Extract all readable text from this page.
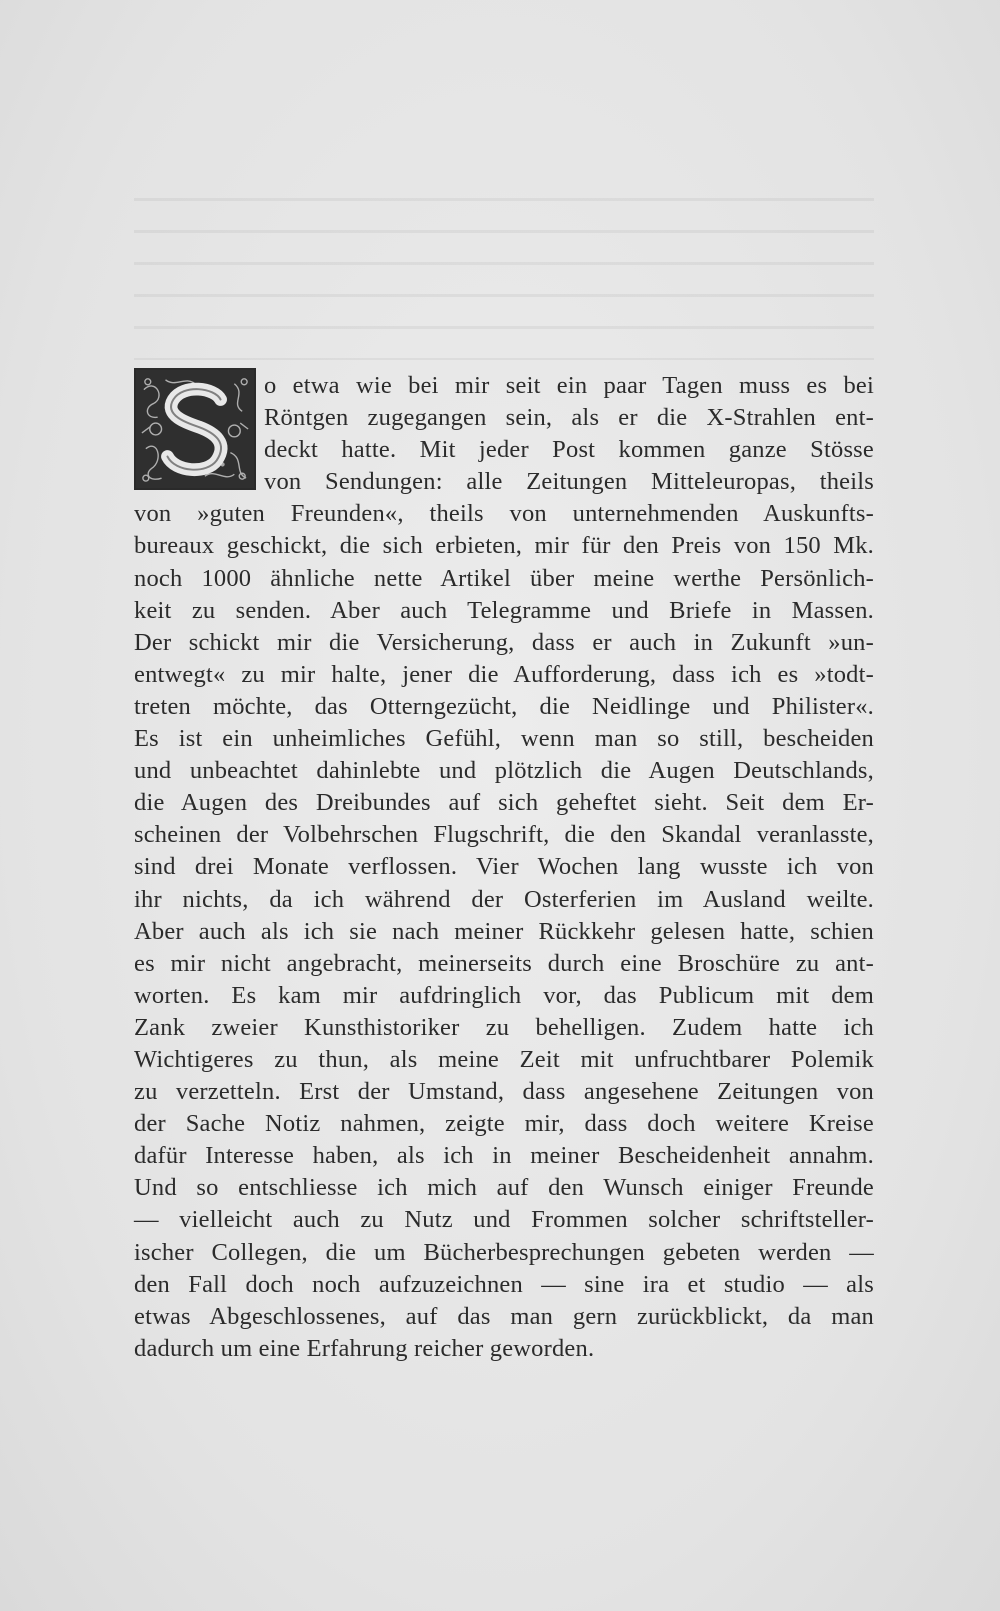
o etwa wie bei mir seit ein paar Tagen muss es bei
Röntgen zugegangen sein, als er die X-Strahlen ent-
deckt hatte. Mit jeder Post kommen ganze Stösse
von Sendungen: alle Zeitungen Mitteleuropas, theils
von »guten Freunden«, theils von unternehmenden Auskunfts-
bureaux geschickt, die sich erbieten, mir für den Preis von 150 Mk.
noch 1000 ähnliche nette Artikel über meine werthe Persönlich-
keit zu senden. Aber auch Telegramme und Briefe in Massen.
Der schickt mir die Versicherung, dass er auch in Zukunft »un-
entwegt« zu mir halte, jener die Aufforderung, dass ich es »todt-
treten möchte, das Otterngezücht, die Neidlinge und Philister«.
Es ist ein unheimliches Gefühl, wenn man so still, bescheiden
und unbeachtet dahinlebte und plötzlich die Augen Deutschlands,
die Augen des Dreibundes auf sich geheftet sieht. Seit dem Er-
scheinen der Volbehrschen Flugschrift, die den Skandal veranlasste,
sind drei Monate verflossen. Vier Wochen lang wusste ich von
ihr nichts, da ich während der Osterferien im Ausland weilte.
Aber auch als ich sie nach meiner Rückkehr gelesen hatte, schien
es mir nicht angebracht, meinerseits durch eine Broschüre zu ant-
worten. Es kam mir aufdringlich vor, das Publicum mit dem
Zank zweier Kunsthistoriker zu behelligen. Zudem hatte ich
Wichtigeres zu thun, als meine Zeit mit unfruchtbarer Polemik
zu verzetteln. Erst der Umstand, dass angesehene Zeitungen von
der Sache Notiz nahmen, zeigte mir, dass doch weitere Kreise
dafür Interesse haben, als ich in meiner Bescheidenheit annahm.
Und so entschliesse ich mich auf den Wunsch einiger Freunde
— vielleicht auch zu Nutz und Frommen solcher schriftsteller-
ischer Collegen, die um Bücherbesprechungen gebeten werden —
den Fall doch noch aufzuzeichnen — sine ira et studio — als
etwas Abgeschlossenes, auf das man gern zurückblickt, da man
dadurch um eine Erfahrung reicher geworden.
